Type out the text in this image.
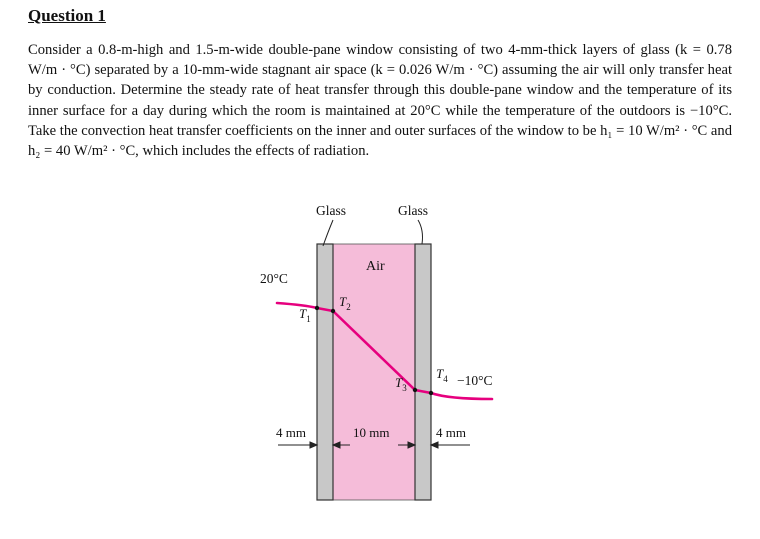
Question 1

Consider a 0.8-m-high and 1.5-m-wide double-pane window consisting of two 4-mm-thick layers of glass (k = 0.78 W/m · °C) separated by a 10-mm-wide stagnant air space (k = 0.026 W/m · °C) assuming the air will only transfer heat by conduction. Determine the steady rate of heat transfer through this double-pane window and the temperature of its inner surface for a day during which the room is maintained at 20°C while the temperature of the outdoors is −10°C. Take the convection heat transfer coefficients on the inner and outer surfaces of the window to be h₁ = 10 W/m² · °C and h₂ = 40 W/m² · °C, which includes the effects of radiation.

Glass	Glass
Air
20°C
−10°C
$T_1$
$T_2$
$T_3$
$T_4$
4 mm	10 mm	4 mm
